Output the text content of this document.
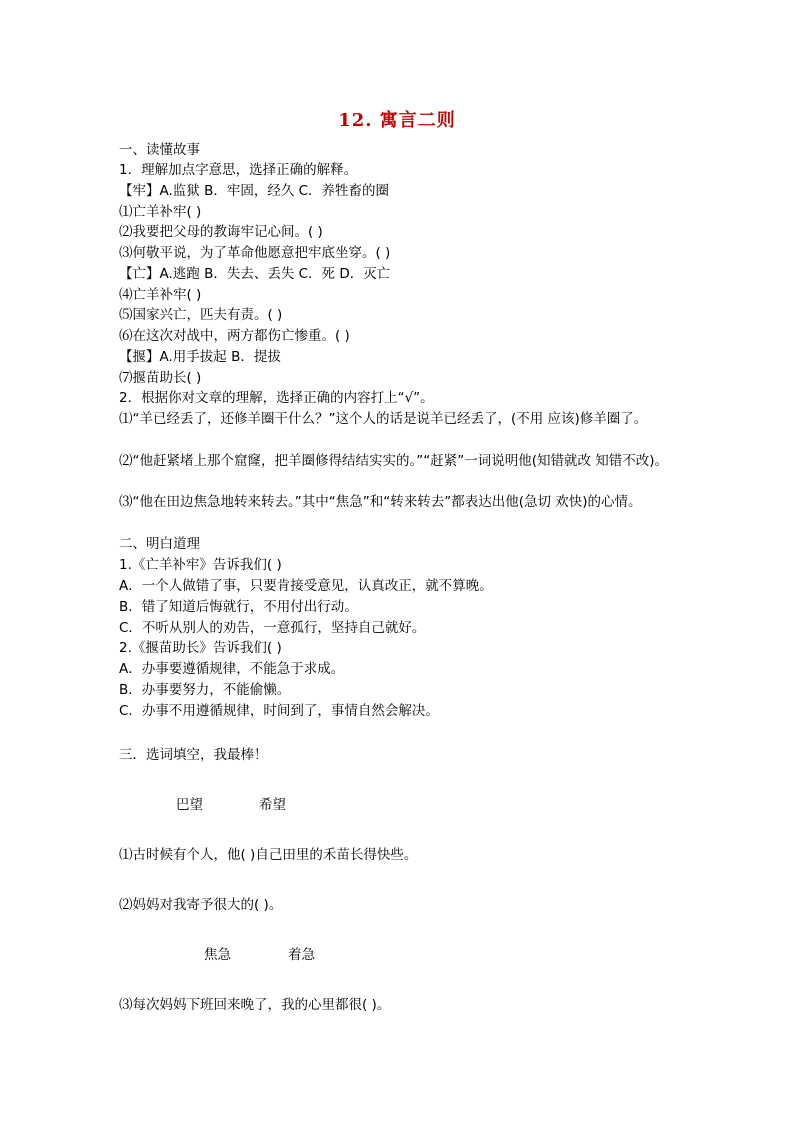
12. 寓言二则
一、读懂故事
1．理解加点字意思，选择正确的解释。
【牢】A.监狱 B．牢固，经久 C．养牲畜的圈
⑴亡羊补牢( )
⑵我要把父母的教诲牢记心间。( )
⑶何敬平说，为了革命他愿意把牢底坐穿。( )
【亡】A.逃跑 B．失去、丢失 C．死 D．灭亡
⑷亡羊补牢( )
⑸国家兴亡，匹夫有责。( )
⑹在这次对战中，两方都伤亡惨重。( )
【揠】A.用手拔起 B．提拔
⑺揠苗助长( )
2．根据你对文章的理解，选择正确的内容打上“√”。
⑴“羊已经丢了，还修羊圈干什么？”这个人的话是说羊已经丢了，(不用 应该)修羊圈了。
⑵“他赶紧堵上那个窟窿，把羊圈修得结结实实的。”“赶紧”一词说明他(知错就改 知错不改)。
⑶“他在田边焦急地转来转去。”其中“焦急”和“转来转去”都表达出他(急切 欢快)的心情。
二、明白道理
1.《亡羊补牢》告诉我们( )
A．一个人做错了事，只要肯接受意见，认真改正，就不算晚。
B．错了知道后悔就行，不用付出行动。
C．不听从别人的劝告，一意孤行，坚持自己就好。
2.《揠苗助长》告诉我们( )
A．办事要遵循规律，不能急于求成。
B．办事要努力，不能偷懒。
C．办事不用遵循规律，时间到了，事情自然会解决。
三．选词填空，我最棒！
巴望	希望
⑴古时候有个人，他( )自己田里的禾苗长得快些。
⑵妈妈对我寄予很大的( )。
焦急	着急
⑶每次妈妈下班回来晚了，我的心里都很( )。
